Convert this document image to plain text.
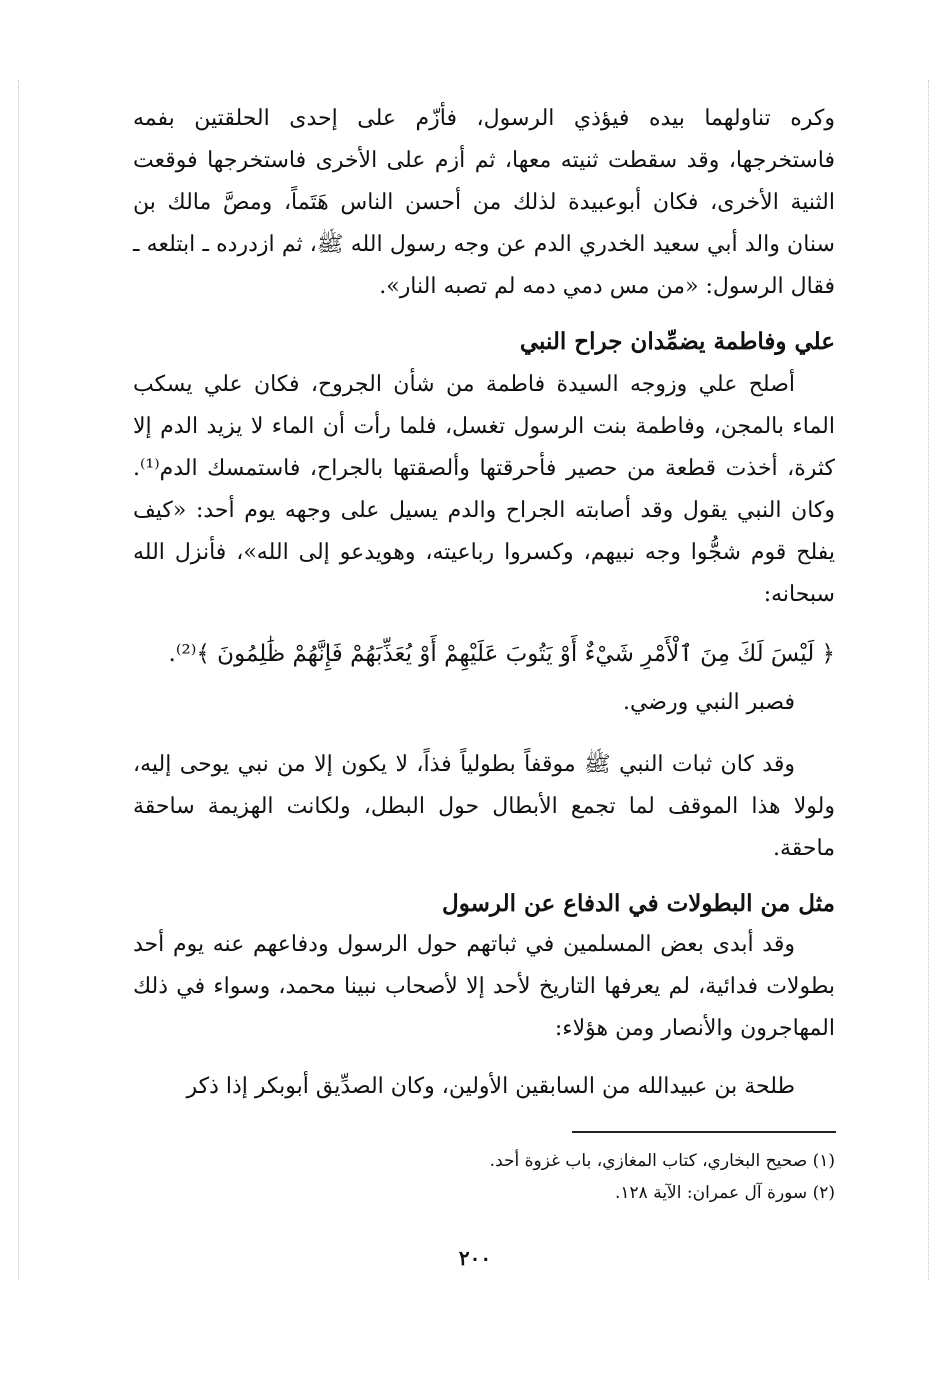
وكره تناولهما بيده فيؤذي الرسول، فأزّم على إحدى الحلقتين بفمه فاستخرجها، وقد سقطت ثنيته معها، ثم أزم على الأخرى فاستخرجها فوقعت الثنية الأخرى، فكان أبوعبيدة لذلك من أحسن الناس هَتَماً، ومصَّ مالك بن سنان والد أبي سعيد الخدري الدم عن وجه رسول الله ﷺ، ثم ازدرده ـ ابتلعه ـ فقال الرسول: «من مس دمي دمه لم تصبه النار».

علي وفاطمة يضمِّدان جراح النبي

أصلح علي وزوجه السيدة فاطمة من شأن الجروح، فكان علي يسكب الماء بالمجن، وفاطمة بنت الرسول تغسل، فلما رأت أن الماء لا يزيد الدم إلا كثرة، أخذت قطعة من حصير فأحرقتها وألصقتها بالجراح، فاستمسك الدم⁽¹⁾. وكان النبي يقول وقد أصابته الجراح والدم يسيل على وجهه يوم أحد: «كيف يفلح قوم شجُّوا وجه نبيهم، وكسروا رباعيته، وهويدعو إلى الله»، فأنزل الله سبحانه:

﴿ لَيْسَ لَكَ مِنَ ٱلْأَمْرِ شَيْءٌ أَوْ يَتُوبَ عَلَيْهِمْ أَوْ يُعَذِّبَهُمْ فَإِنَّهُمْ ظَٰلِمُونَ ﴾⁽²⁾.

فصبر النبي ورضي.

وقد كان ثبات النبي ﷺ موقفاً بطولياً فذاً، لا يكون إلا من نبي يوحى إليه، ولولا هذا الموقف لما تجمع الأبطال حول البطل، ولكانت الهزيمة ساحقة ماحقة.

مثل من البطولات في الدفاع عن الرسول

وقد أبدى بعض المسلمين في ثباتهم حول الرسول ودفاعهم عنه يوم أحد بطولات فدائية، لم يعرفها التاريخ لأحد إلا لأصحاب نبينا محمد، وسواء في ذلك المهاجرون والأنصار ومن هؤلاء:

طلحة بن عبيدالله من السابقين الأولين، وكان الصدِّيق أبوبكر إذا ذكر

(١) صحيح البخاري، كتاب المغازي، باب غزوة أحد.

(٢) سورة آل عمران: الآية ١٢٨.

٢٠٠
